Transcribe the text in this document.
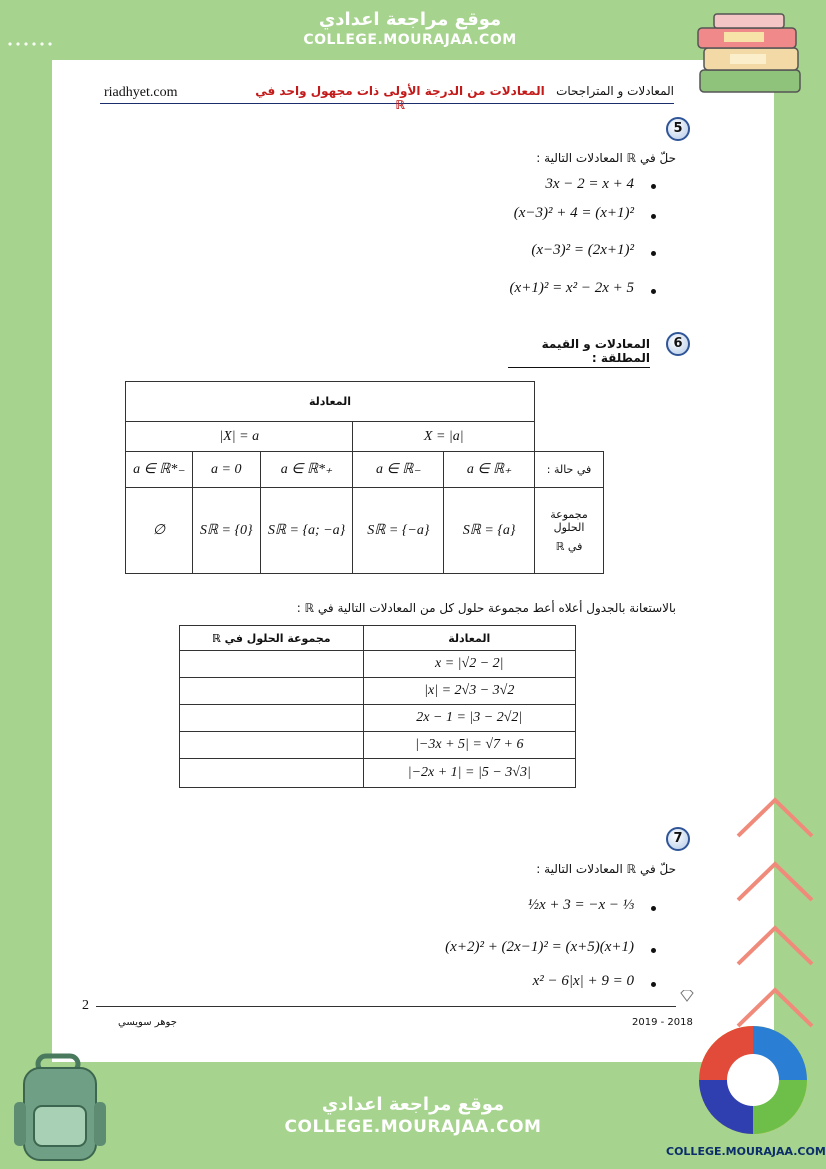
موقع مراجعة اعدادي
COLLEGE.MOURAJAA.COM
riadhyet.com	المعادلات من الدرجة الأولى ذات مجهول واحد في ℝ
المعادلات و المتراجحات
5
حلّ في ℝ المعادلات التالية :
3x − 2 = x + 4
(x−3)² + 4 = (x+1)²
(x−3)² = (2x+1)²
(x+1)² = x² − 2x + 5
6
المعادلات و القيمة المطلقة :
المعادلة					
|X| = a			X = |a|		
a ∈ ℝ*₋	a = 0	a ∈ ℝ*₊	a ∈ ℝ₋	a ∈ ℝ₊	في حالة :
∅	Sℝ = {0}	Sℝ = {a; −a}	Sℝ = {−a}	Sℝ = {a}	مجموعة الحلول
في ℝ
بالاستعانة بالجدول أعلاه أعط مجموعة حلول كل من المعادلات التالية في ℝ :
مجموعة الحلول في ℝ	المعادلة
	x = |√2 − 2|
	|x| = 2√3 − 3√2
	2x − 1 = |3 − 2√2|
	|−3x + 5| = √7 + 6
	|−2x + 1| = |5 − 3√3|
7
حلّ في ℝ المعادلات التالية :
½x + 3 = −x − ⅓
(x+2)² + (2x−1)² = (x+5)(x+1)
x² − 6|x| + 9 = 0
2
2019 - 2018
جوهر سويسي
موقع مراجعة اعدادي
COLLEGE.MOURAJAA.COM
COLLEGE.MOURAJAA.COM
